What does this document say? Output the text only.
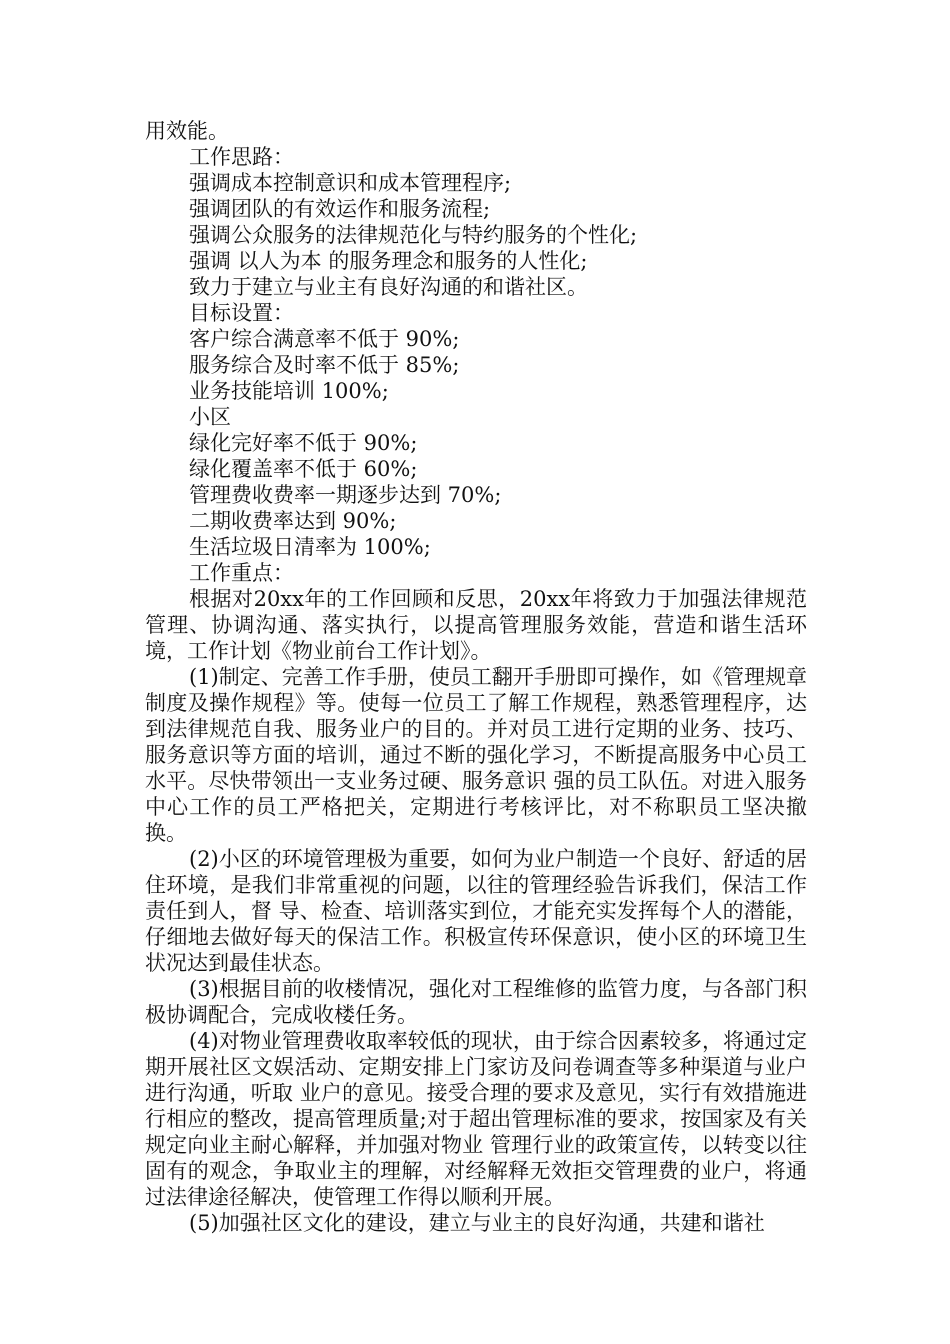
用效能。
工作思路：
强调成本控制意识和成本管理程序;
强调团队的有效运作和服务流程;
强调公众服务的法律规范化与特约服务的个性化;
强调 以人为本 的服务理念和服务的人性化;
致力于建立与业主有良好沟通的和谐社区。
目标设置：
客户综合满意率不低于 90%;
服务综合及时率不低于 85%;
业务技能培训 100%;
小区
绿化完好率不低于 90%;
绿化覆盖率不低于 60%;
管理费收费率一期逐步达到 70%;
二期收费率达到 90%;
生活垃圾日清率为 100%;
工作重点：

根据对20xx年的工作回顾和反思，20xx年将致力于加强法律规范管理、协调沟通、落实执行，以提高管理服务效能，营造和谐生活环境，工作计划《物业前台工作计划》。

(1)制定、完善工作手册，使员工翻开手册即可操作，如《管理规章制度及操作规程》等。使每一位员工了解工作规程，熟悉管理程序，达到法律规范自我、服务业户的目的。并对员工进行定期的业务、技巧、服务意识等方面的培训，通过不断的强化学习，不断提高服务中心员工水平。尽快带领出一支业务过硬、服务意识 强的员工队伍。对进入服务中心工作的员工严格把关，定期进行考核评比，对不称职员工坚决撤换。

(2)小区的环境管理极为重要，如何为业户制造一个良好、舒适的居住环境，是我们非常重视的问题，以往的管理经验告诉我们，保洁工作责任到人，督 导、检查、培训落实到位，才能充实发挥每个人的潜能，仔细地去做好每天的保洁工作。积极宣传环保意识，使小区的环境卫生状况达到最佳状态。

(3)根据目前的收楼情况，强化对工程维修的监管力度，与各部门积极协调配合，完成收楼任务。

(4)对物业管理费收取率较低的现状，由于综合因素较多，将通过定期开展社区文娱活动、定期安排上门家访及问卷调查等多种渠道与业户进行沟通，听取 业户的意见。接受合理的要求及意见，实行有效措施进行相应的整改，提高管理质量;对于超出管理标准的要求，按国家及有关规定向业主耐心解释，并加强对物业 管理行业的政策宣传，以转变以往固有的观念，争取业主的理解，对经解释无效拒交管理费的业户，将通过法律途径解决，使管理工作得以顺利开展。

(5)加强社区文化的建设，建立与业主的良好沟通，共建和谐社
